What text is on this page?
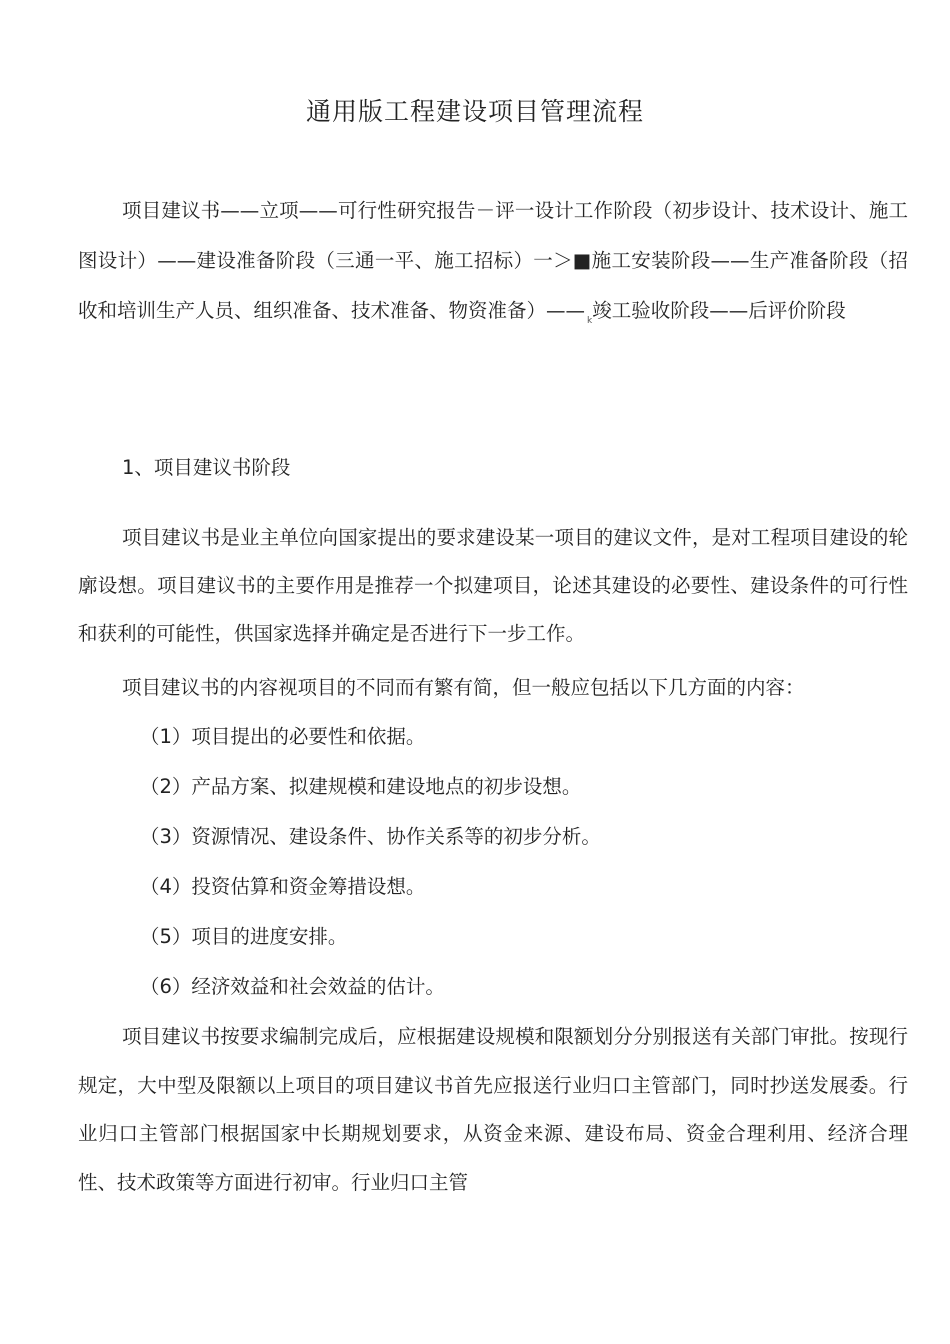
通用版工程建设项目管理流程
项目建议书——立项——可行性研究报告－评一设计工作阶段（初步设计、技术设计、施工图设计）——建设准备阶段（三通一平、施工招标）一＞■施工安装阶段——生产准备阶段（招收和培训生产人员、组织准备、技术准备、物资准备）—— $_k$竣工验收阶段——后评价阶段
1、项目建议书阶段
项目建议书是业主单位向国家提出的要求建设某一项目的建议文件，是对工程项目建设的轮廓设想。项目建议书的主要作用是推荐一个拟建项目，论述其建设的必要性、建设条件的可行性和获利的可能性，供国家选择并确定是否进行下一步工作。
项目建议书的内容视项目的不同而有繁有简，但一般应包括以下几方面的内容：
（1）项目提出的必要性和依据。
（2）产品方案、拟建规模和建设地点的初步设想。
（3）资源情况、建设条件、协作关系等的初步分析。
（4）投资估算和资金筹措设想。
（5）项目的进度安排。
（6）经济效益和社会效益的估计。
项目建议书按要求编制完成后，应根据建设规模和限额划分分别报送有关部门审批。按现行规定，大中型及限额以上项目的项目建议书首先应报送行业归口主管部门，同时抄送发展委。行业归口主管部门根据国家中长期规划要求，从资金来源、建设布局、资金合理利用、经济合理性、技术政策等方面进行初审。行业归口主管
